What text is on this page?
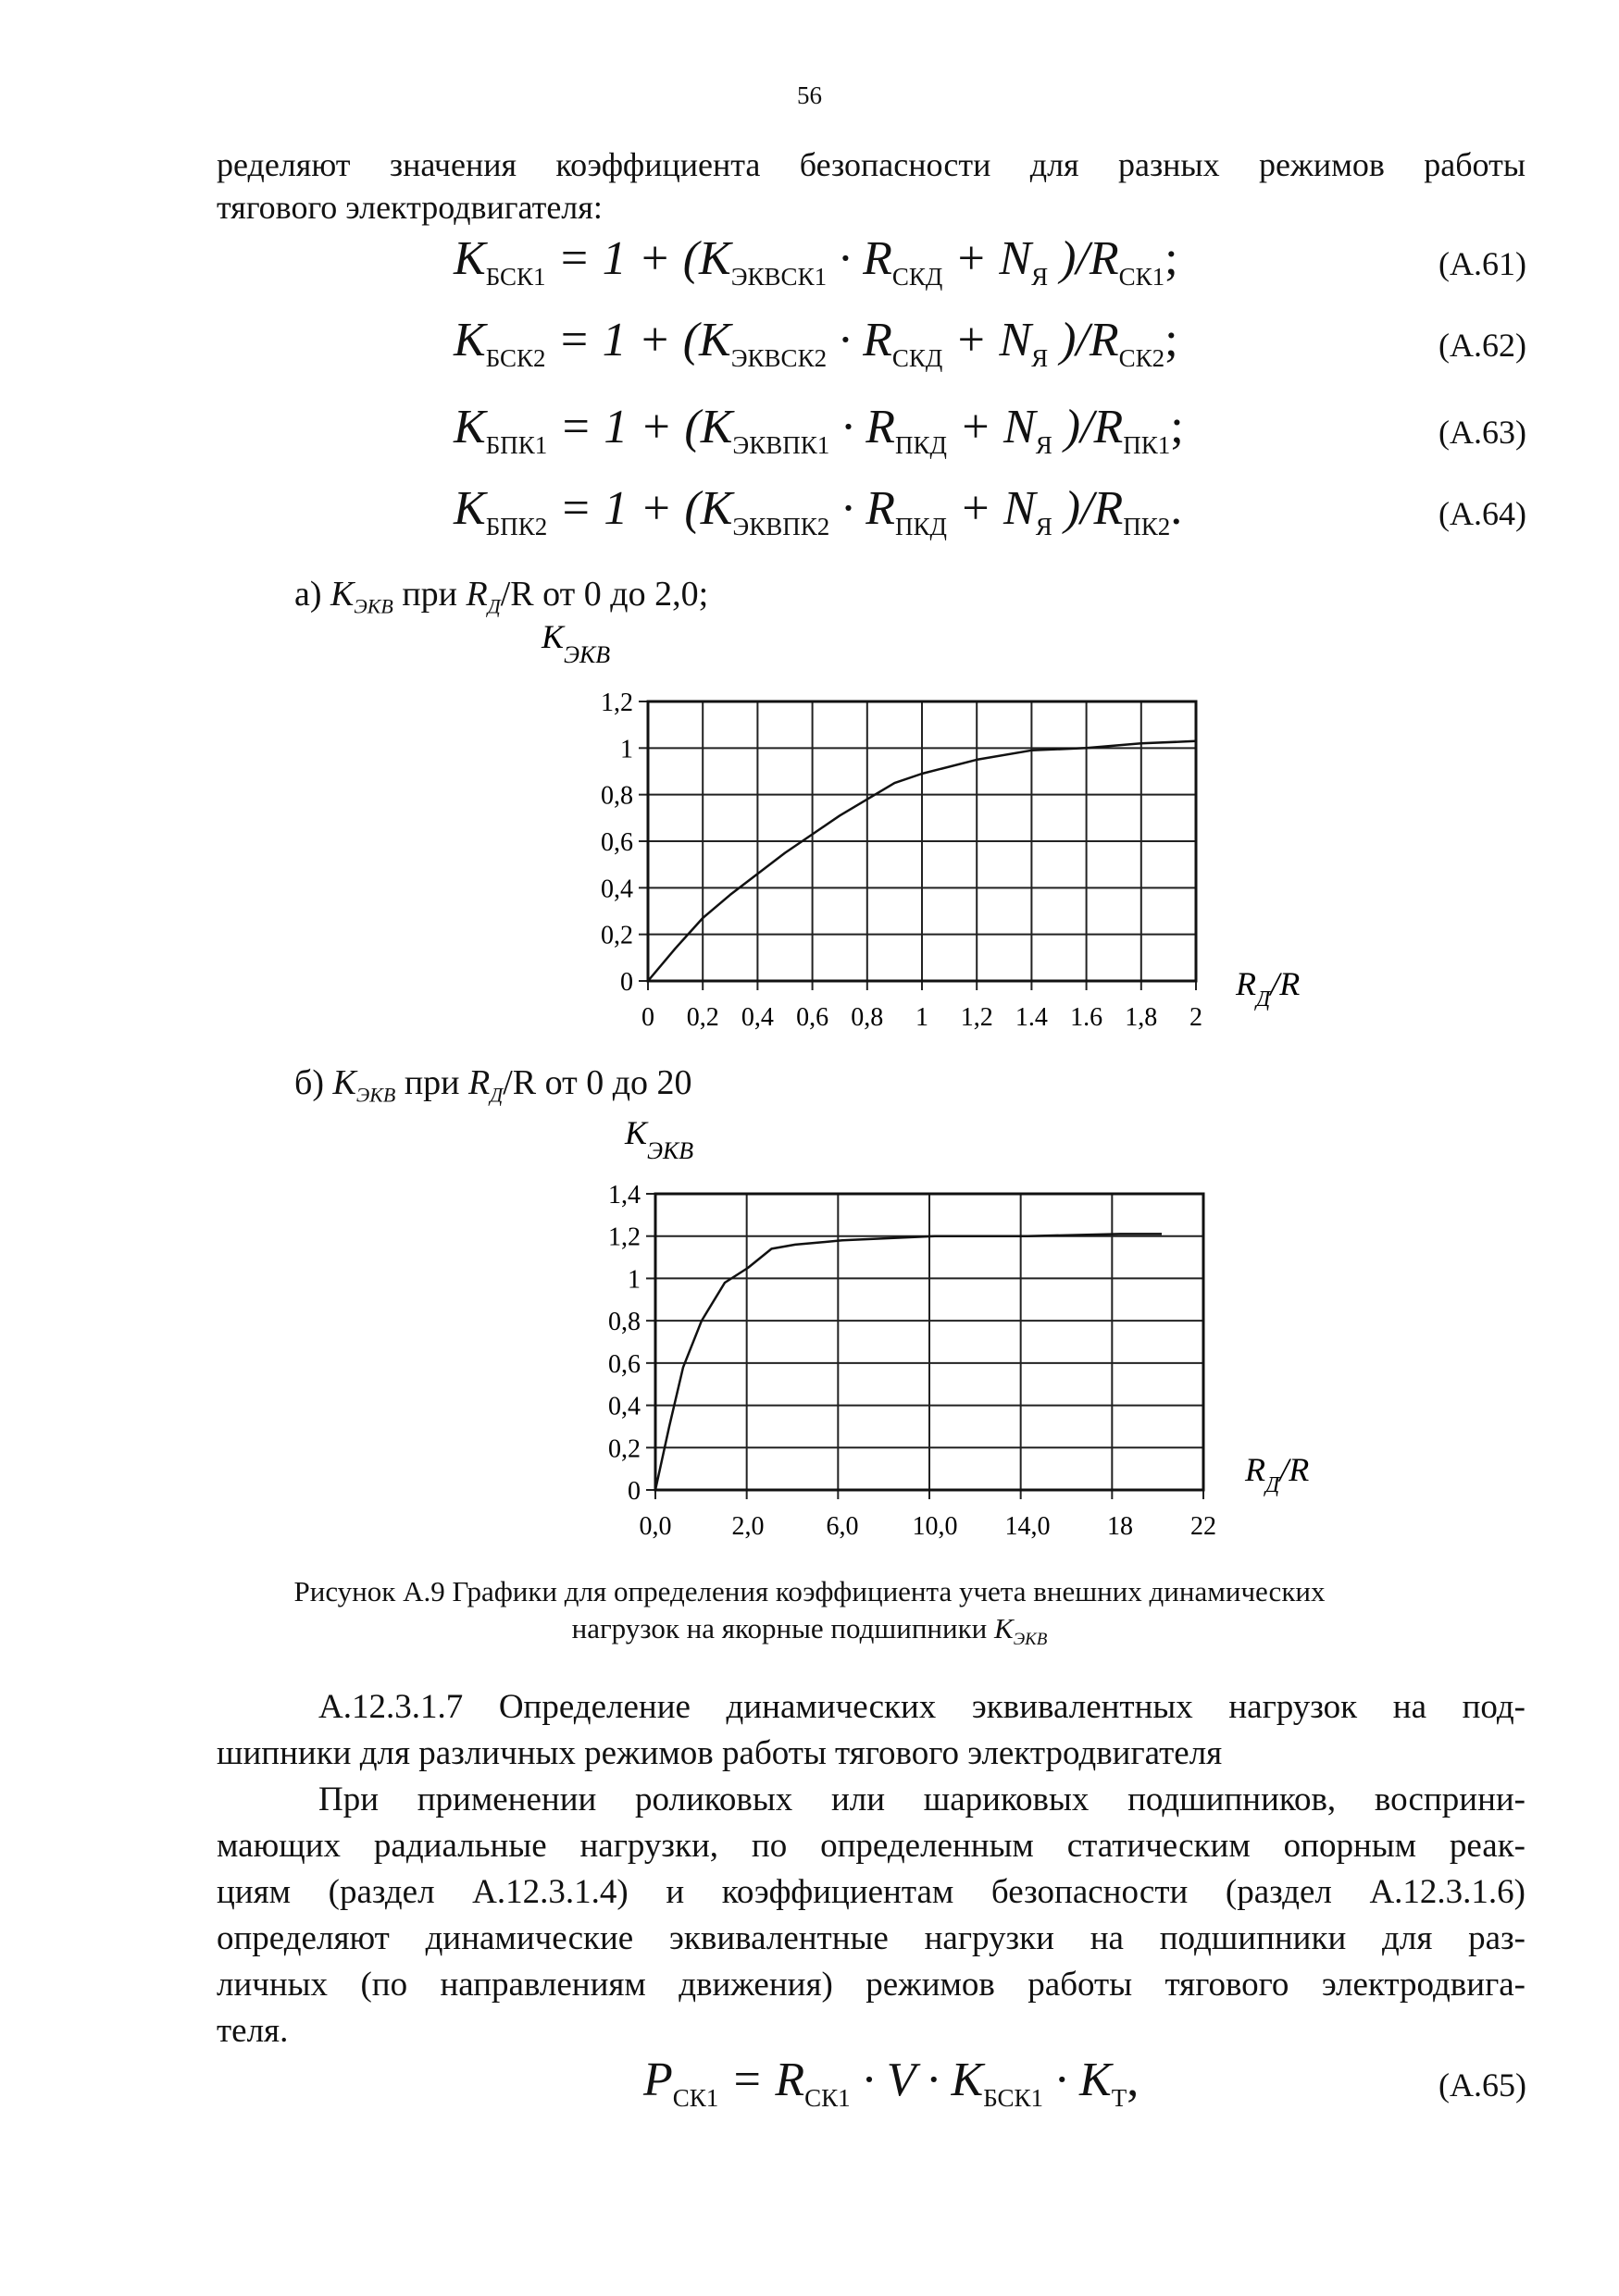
56
ределяют значения коэффициента безопасности для разных режимов работы
тягового электродвигателя:
$K_{БСК1} = 1 + (K_{ЭКВСК1} \cdot R_{СКД} + N_Я$ )$/R_{СК1}$;	(А.61)
$K_{БСК2} = 1 + (K_{ЭКВСК2} \cdot R_{СКД} + N_Я$ )$/R_{СК2}$;	(А.62)
$K_{БПК1} = 1 + (K_{ЭКВПК1} \cdot R_{ПКД} + N_Я$ )$/R_{ПК1}$;	(А.63)
$K_{БПК2} = 1 + (K_{ЭКВПК2} \cdot R_{ПКД} + N_Я$ )$/R_{ПК2}$.	(А.64)
а) $K_{ЭКВ}$ при $R_Д/R$ от 0 до 2,0;
б) $K_{ЭКВ}$ при $R_Д/R$ от 0 до 20
0
0,2
0,4
0,6
0,8
1
1,2
0 0,2 0,4 0,6 0,8 1 1,2 1.4 1.6 1,8 2
$K_{ЭКВ}$
$R_Д/R$
0
0,2
0,4
0,6
0,8
1
1,2
1,4
0,0 2,0 6,0 10,0 14,0 18 22
$K_{ЭКВ}$
$R_Д/R$
Рисунок А.9 Графики для определения коэффициента учета внешних динамических
нагрузок на якорные подшипники $K_{ЭКВ}$
А.12.3.1.7 Определение динамических эквивалентных нагрузок на под-
шипники для различных режимов работы тягового электродвигателя
При применении роликовых или шариковых подшипников, восприни-
мающих радиальные нагрузки, по определенным статическим опорным реак-
циям (раздел А.12.3.1.4) и коэффициентам безопасности (раздел А.12.3.1.6)
определяют динамические эквивалентные нагрузки на подшипники для раз-
личных (по направлениям движения) режимов работы тягового электродвига-
теля.
$P_{СК1} = R_{СК1} \cdot V \cdot K_{БСК1} \cdot K_Т$,	(А.65)
